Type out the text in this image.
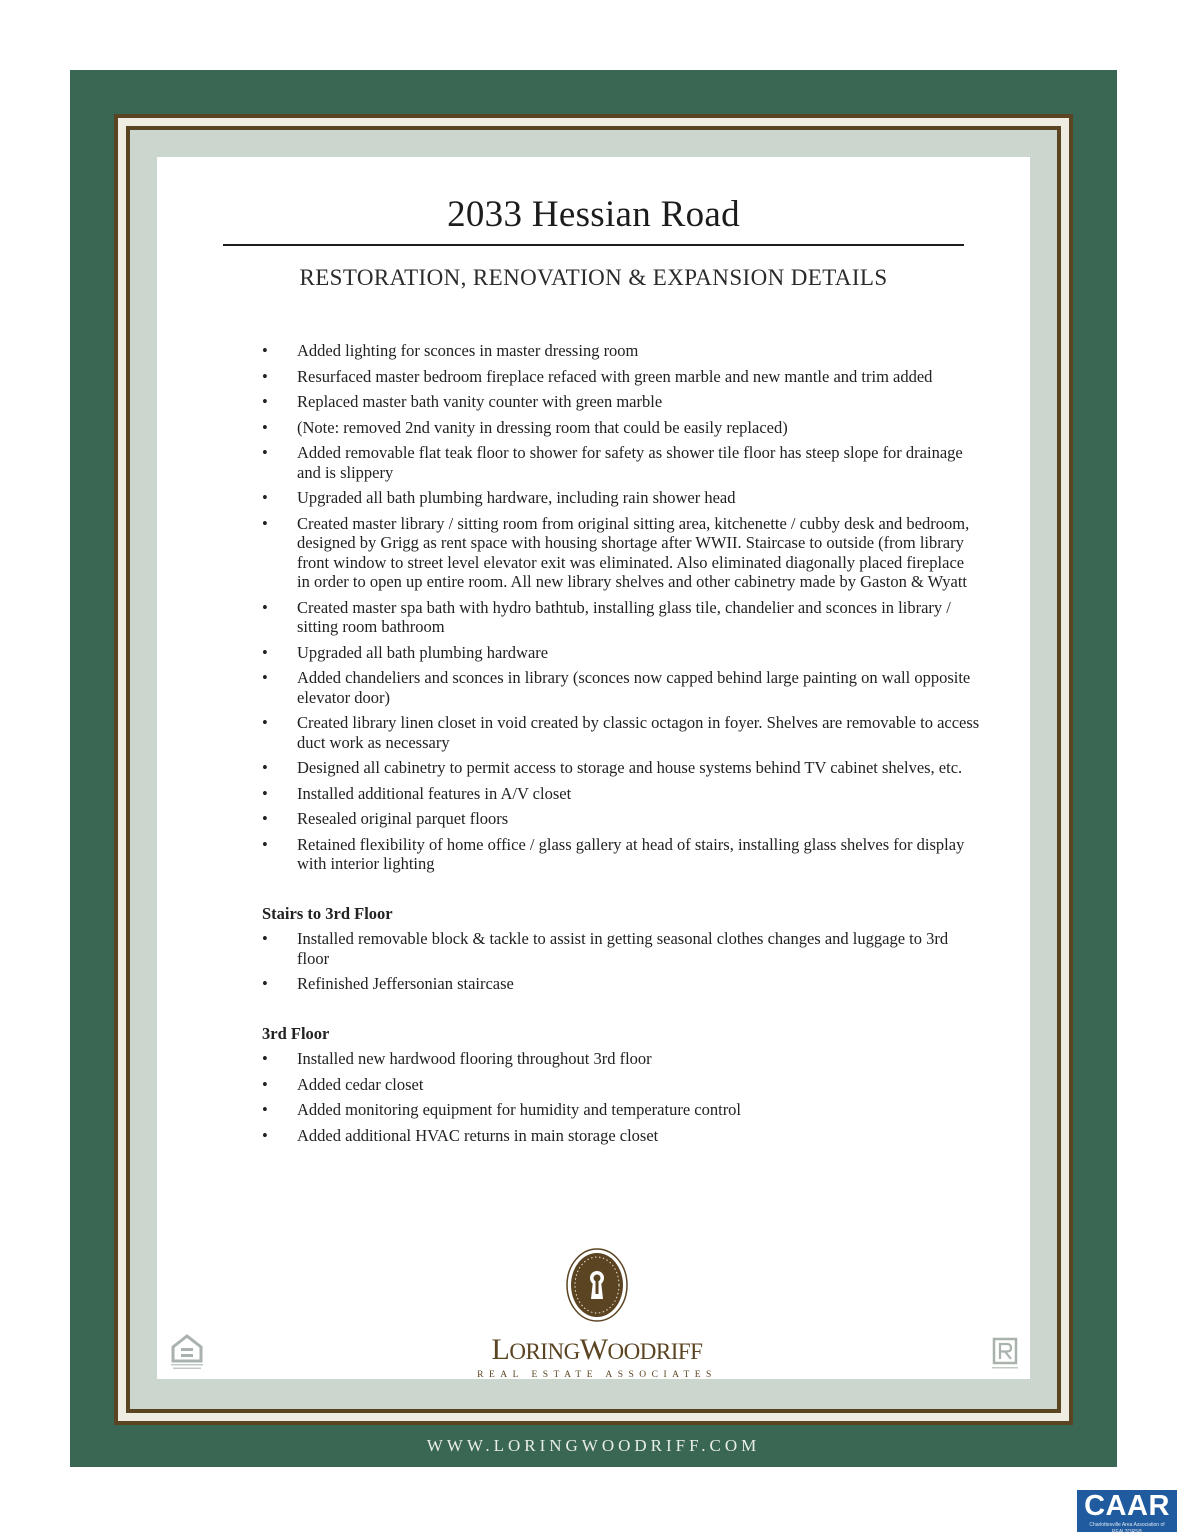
2033 Hessian Road
RESTORATION, RENOVATION & EXPANSION DETAILS
• Added lighting for sconces in master dressing room
• Resurfaced master bedroom fireplace refaced with green marble and new mantle and trim added
• Replaced master bath vanity counter with green marble
• (Note: removed 2nd vanity in dressing room that could be easily replaced)
• Added removable flat teak floor to shower for safety as shower tile floor has steep slope for drainage and is slippery
• Upgraded all bath plumbing hardware, including rain shower head
• Created master library / sitting room from original sitting area, kitchenette / cubby desk and bedroom, designed by Grigg as rent space with housing shortage after WWII. Staircase to outside (from library front window to street level elevator exit was eliminated. Also eliminated diagonally placed fireplace in order to open up entire room. All new library shelves and other cabinetry made by Gaston & Wyatt
• Created master spa bath with hydro bathtub, installing glass tile, chandelier and sconces in library / sitting room bathroom
• Upgraded all bath plumbing hardware
• Added chandeliers and sconces in library (sconces now capped behind large painting on wall opposite elevator door)
• Created library linen closet in void created by classic octagon in foyer. Shelves are removable to access duct work as necessary
• Designed all cabinetry to permit access to storage and house systems behind TV cabinet shelves, etc.
• Installed additional features in A/V closet
• Resealed original parquet floors
• Retained flexibility of home office / glass gallery at head of stairs, installing glass shelves for display with interior lighting
Stairs to 3rd Floor
• Installed removable block & tackle to assist in getting seasonal clothes changes and luggage to 3rd floor
• Refinished Jeffersonian staircase
3rd Floor
• Installed new hardwood flooring throughout 3rd floor
• Added cedar closet
• Added monitoring equipment for humidity and temperature control
• Added additional HVAC returns in main storage closet
LORINGWOODRIFF
REAL ESTATE ASSOCIATES
WWW.LORINGWOODRIFF.COM
CAAR
Charlottesville Area Association of REALTORS®
